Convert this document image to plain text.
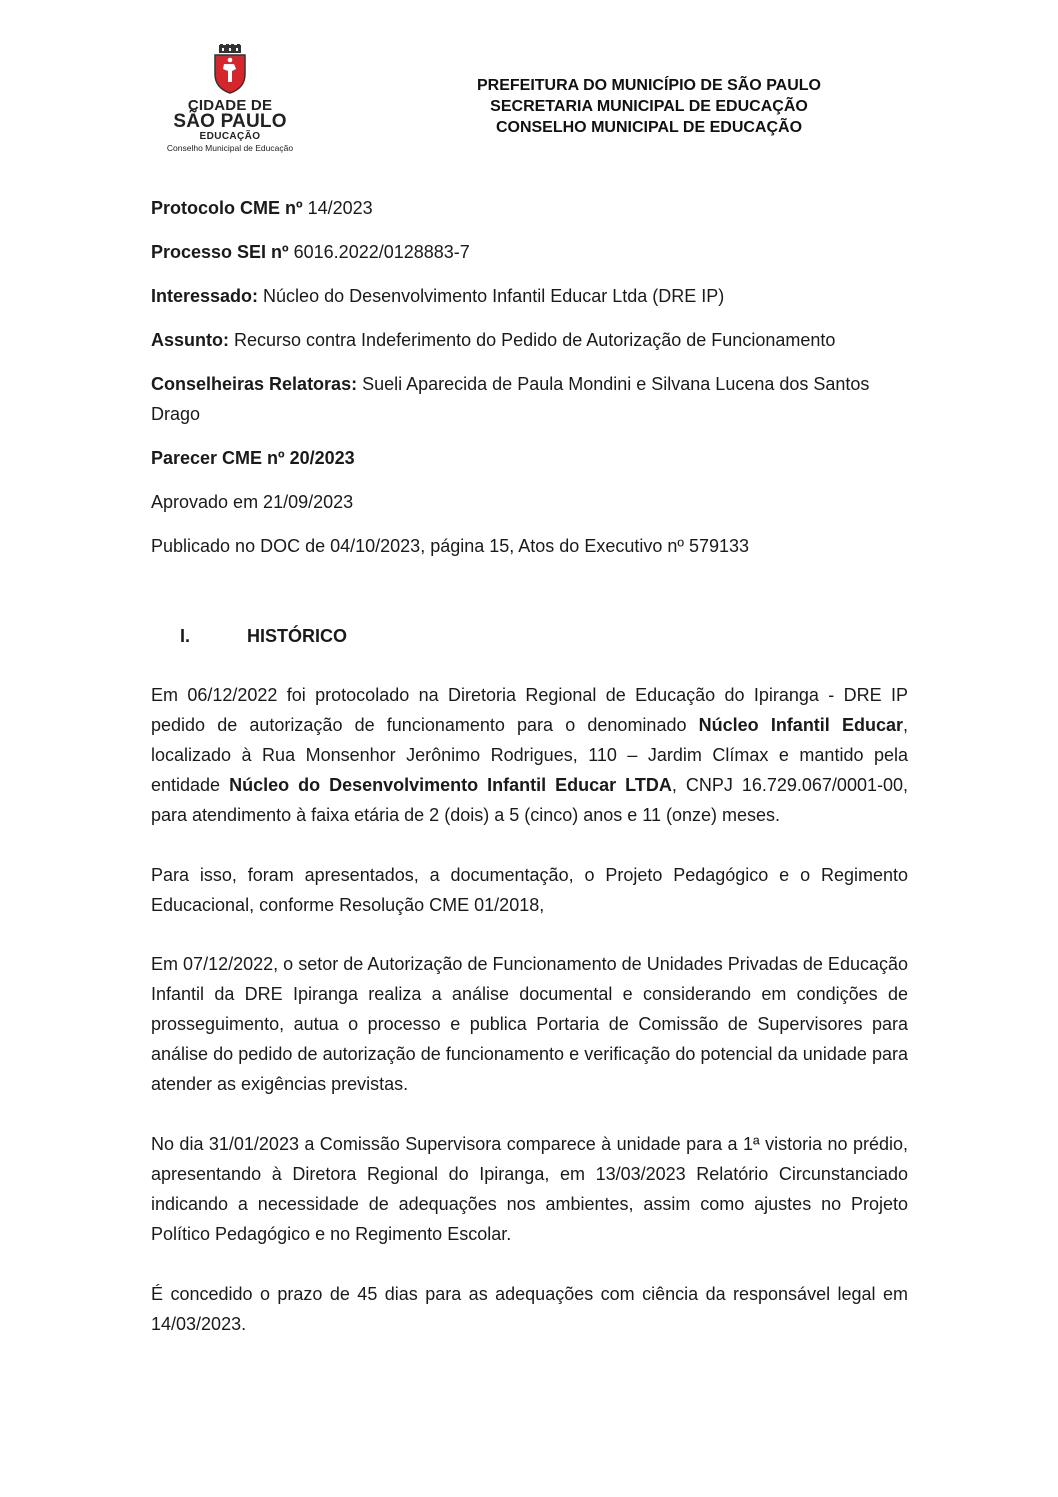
CIDADE DE
SÃO PAULO
EDUCAÇÃO
Conselho Municipal de Educação
PREFEITURA DO MUNICÍPIO DE SÃO PAULO
SECRETARIA MUNICIPAL DE EDUCAÇÃO
CONSELHO MUNICIPAL DE EDUCAÇÃO
Protocolo CME nº 14/2023
Processo SEI nº 6016.2022/0128883-7
Interessado: Núcleo do Desenvolvimento Infantil Educar Ltda (DRE IP)
Assunto: Recurso contra Indeferimento do Pedido de Autorização de Funcionamento
Conselheiras Relatoras: Sueli Aparecida de Paula Mondini e Silvana Lucena dos Santos Drago
Parecer CME nº 20/2023
Aprovado em 21/09/2023
Publicado no DOC de 04/10/2023, página 15, Atos do Executivo nº 579133
I.	HISTÓRICO
Em 06/12/2022 foi protocolado na Diretoria Regional de Educação do Ipiranga - DRE IP pedido de autorização de funcionamento para o denominado Núcleo Infantil Educar, localizado à Rua Monsenhor Jerônimo Rodrigues, 110 – Jardim Clímax e mantido pela entidade Núcleo do Desenvolvimento Infantil Educar LTDA, CNPJ 16.729.067/0001-00, para atendimento à faixa etária de 2 (dois) a 5 (cinco) anos e 11 (onze) meses.
Para isso, foram apresentados, a documentação, o Projeto Pedagógico e o Regimento Educacional, conforme Resolução CME 01/2018,
Em 07/12/2022, o setor de Autorização de Funcionamento de Unidades Privadas de Educação Infantil da DRE Ipiranga realiza a análise documental e considerando em condições de prosseguimento, autua o processo e publica Portaria de Comissão de Supervisores para análise do pedido de autorização de funcionamento e verificação do potencial da unidade para atender as exigências previstas.
No dia 31/01/2023 a Comissão Supervisora comparece à unidade para a 1ª vistoria no prédio, apresentando à Diretora Regional do Ipiranga, em 13/03/2023 Relatório Circunstanciado indicando a necessidade de adequações nos ambientes, assim como ajustes no Projeto Político Pedagógico e no Regimento Escolar.
É concedido o prazo de 45 dias para as adequações com ciência da responsável legal em 14/03/2023.
